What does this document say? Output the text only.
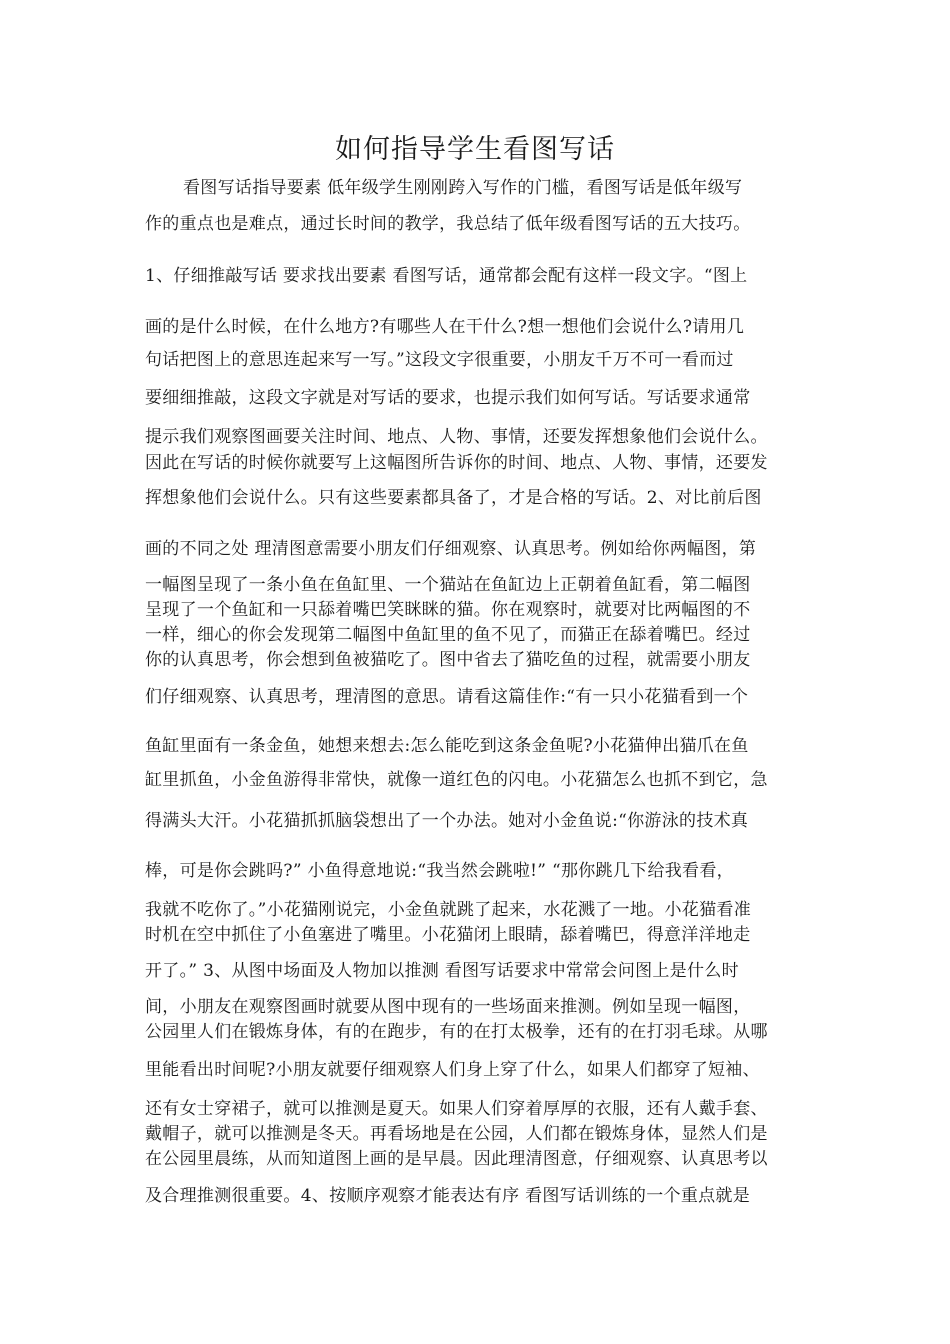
如何指导学生看图写话
看图写话指导要素 低年级学生刚刚跨入写作的门槛，看图写话是低年级写
作的重点也是难点，通过长时间的教学，我总结了低年级看图写话的五大技巧。
1、仔细推敲写话 要求找出要素 看图写话，通常都会配有这样一段文字。“图上
画的是什么时候，在什么地方?有哪些人在干什么?想一想他们会说什么?请用几
句话把图上的意思连起来写一写。”这段文字很重要，小朋友千万不可一看而过
要细细推敲，这段文字就是对写话的要求，也提示我们如何写话。写话要求通常
提示我们观察图画要关注时间、地点、人物、事情，还要发挥想象他们会说什么。
因此在写话的时候你就要写上这幅图所告诉你的时间、地点、人物、事情，还要发
挥想象他们会说什么。只有这些要素都具备了，才是合格的写话。2、对比前后图
画的不同之处 理清图意需要小朋友们仔细观察、认真思考。例如给你两幅图，第
一幅图呈现了一条小鱼在鱼缸里、一个猫站在鱼缸边上正朝着鱼缸看，第二幅图
呈现了一个鱼缸和一只舔着嘴巴笑眯眯的猫。你在观察时，就要对比两幅图的不
一样，细心的你会发现第二幅图中鱼缸里的鱼不见了，而猫正在舔着嘴巴。经过
你的认真思考，你会想到鱼被猫吃了。图中省去了猫吃鱼的过程，就需要小朋友
们仔细观察、认真思考，理清图的意思。请看这篇佳作:“有一只小花猫看到一个
鱼缸里面有一条金鱼，她想来想去:怎么能吃到这条金鱼呢?小花猫伸出猫爪在鱼
缸里抓鱼，小金鱼游得非常快，就像一道红色的闪电。小花猫怎么也抓不到它，急
得满头大汗。小花猫抓抓脑袋想出了一个办法。她对小金鱼说:“你游泳的技术真
棒，可是你会跳吗?” 小鱼得意地说:“我当然会跳啦!” “那你跳几下给我看看，
我就不吃你了。”小花猫刚说完，小金鱼就跳了起来，水花溅了一地。小花猫看准
时机在空中抓住了小鱼塞进了嘴里。小花猫闭上眼睛，舔着嘴巴，得意洋洋地走
开了。” 3、从图中场面及人物加以推测 看图写话要求中常常会问图上是什么时
间，小朋友在观察图画时就要从图中现有的一些场面来推测。例如呈现一幅图，
公园里人们在锻炼身体，有的在跑步，有的在打太极拳，还有的在打羽毛球。从哪
里能看出时间呢?小朋友就要仔细观察人们身上穿了什么，如果人们都穿了短袖、
还有女士穿裙子，就可以推测是夏天。如果人们穿着厚厚的衣服，还有人戴手套、
戴帽子，就可以推测是冬天。再看场地是在公园，人们都在锻炼身体，显然人们是
在公园里晨练，从而知道图上画的是早晨。因此理清图意，仔细观察、认真思考以
及合理推测很重要。4、按顺序观察才能表达有序 看图写话训练的一个重点就是
